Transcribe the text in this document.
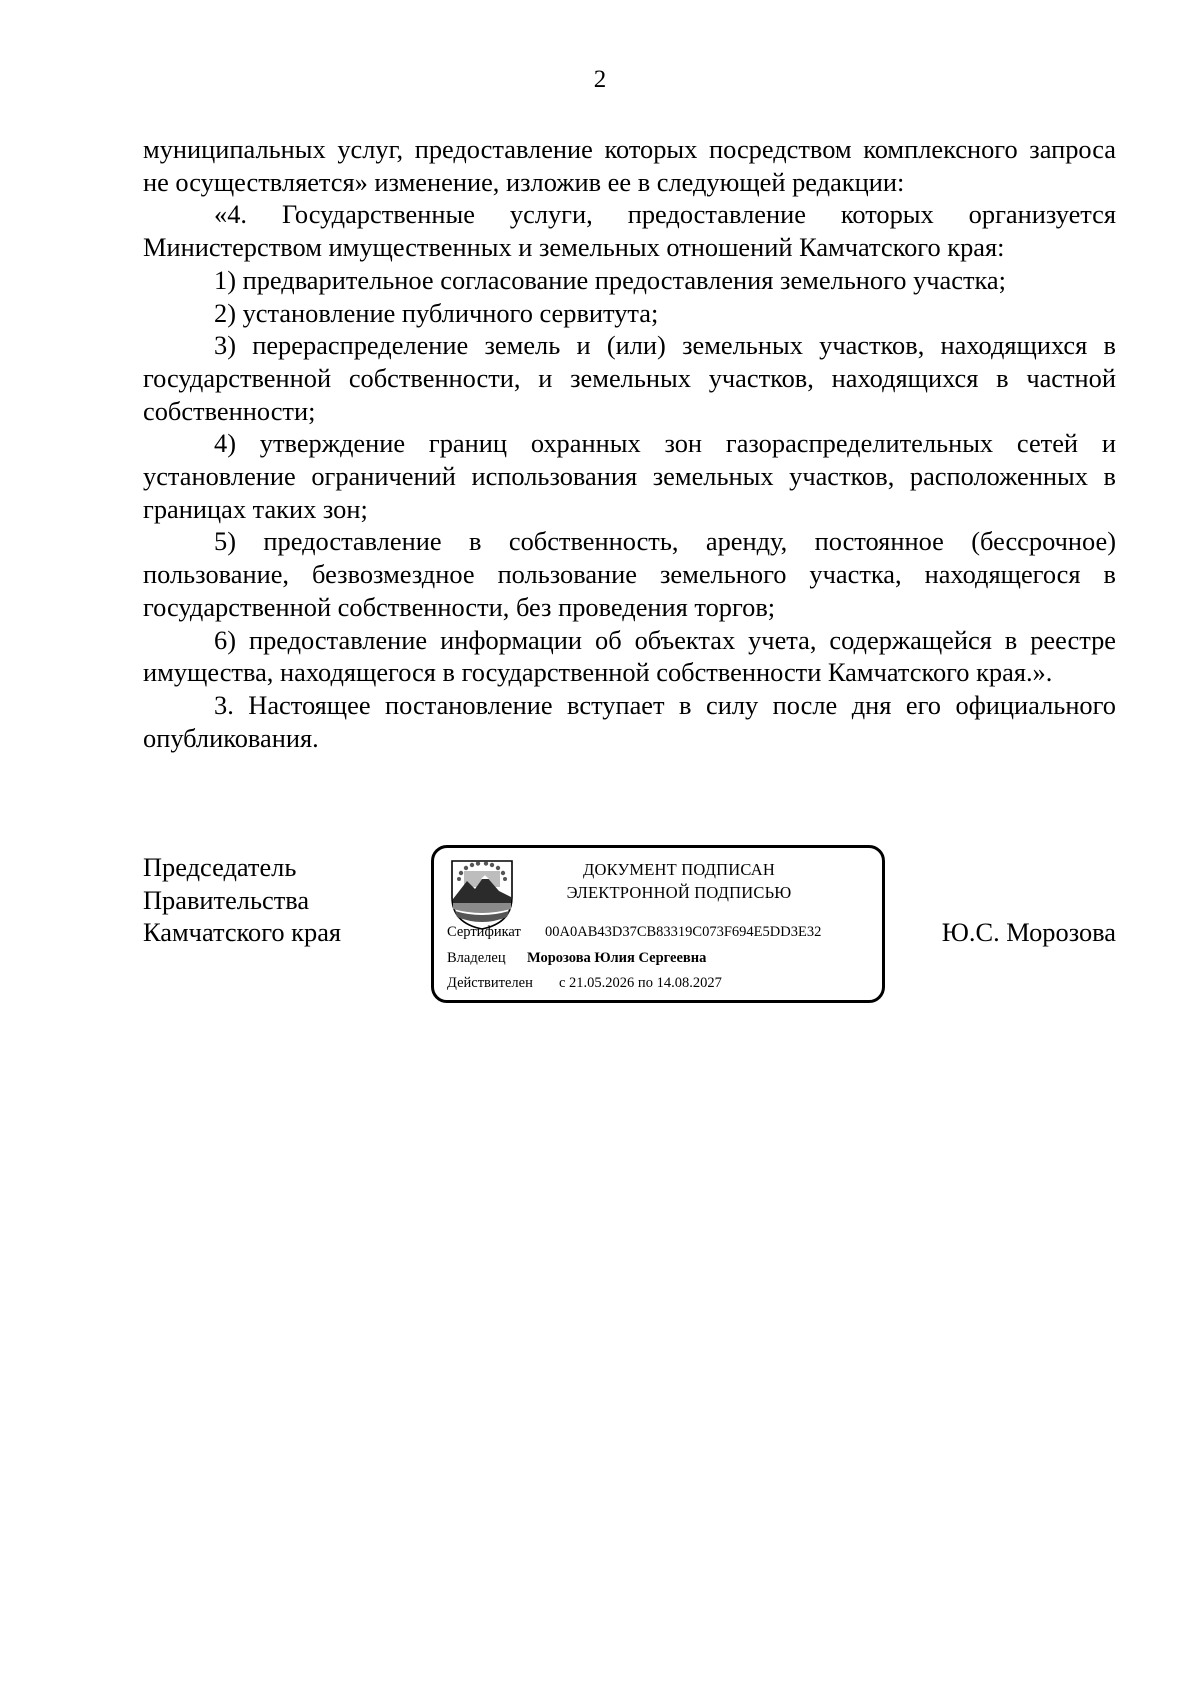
2

муниципальных услуг, предоставление которых посредством комплексного запроса не осуществляется» изменение, изложив ее в следующей редакции:

«4. Государственные услуги, предоставление которых организуется Министерством имущественных и земельных отношений Камчатского края:

1) предварительное согласование предоставления земельного участка;

2) установление публичного сервитута;

3) перераспределение земель и (или) земельных участков, находящихся в государственной собственности, и земельных участков, находящихся в частной собственности;

4) утверждение границ охранных зон газораспределительных сетей и установление ограничений использования земельных участков, расположенных в границах таких зон;

5) предоставление в собственность, аренду, постоянное (бессрочное) пользование, безвозмездное пользование земельного участка, находящегося в государственной собственности, без проведения торгов;

6) предоставление информации об объектах учета, содержащейся в реестре имущества, находящегося в государственной собственности Камчатского края.».

3. Настоящее постановление вступает в силу после дня его официального опубликования.

Председатель
Правительства
Камчатского края
ДОКУМЕНТ ПОДПИСАН
ЭЛЕКТРОННОЙ ПОДПИСЬЮ
Сертификат 00A0AB43D37CB83319C073F694E5DD3E32
Владелец Морозова Юлия Сергеевна
Действителен с 21.05.2026 по 14.08.2027
Ю.С. Морозова
